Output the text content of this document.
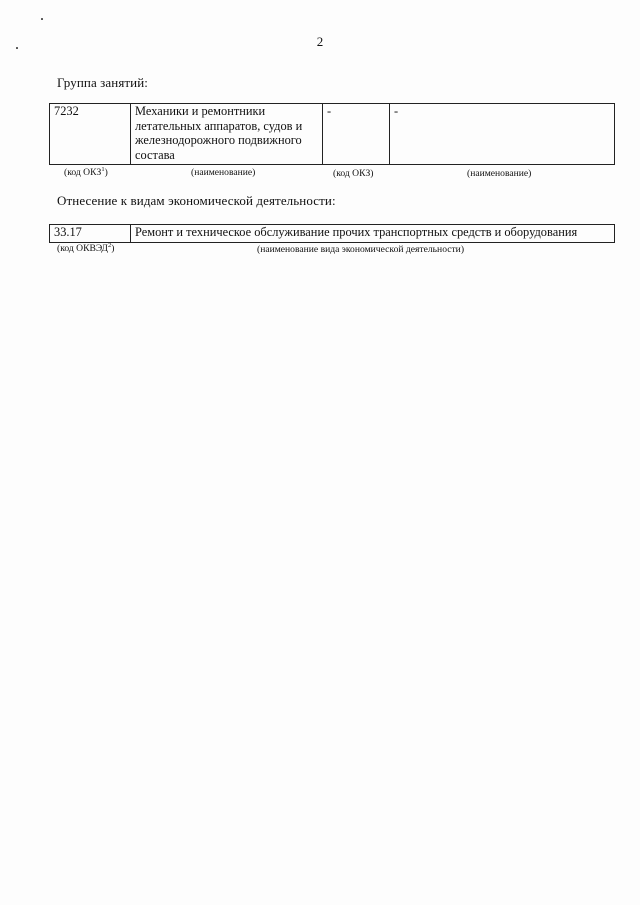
2
Группа занятий:
7232	Механики и ремонтники летательных аппаратов, судов и железнодорожного подвижного состава	-	-
(код ОКЗ$^1$)	(наименование)	(код ОКЗ)	(наименование)
Отнесение к видам экономической деятельности:
33.17	Ремонт и техническое обслуживание прочих транспортных средств и оборудования
(код ОКВЭД$^2$)	(наименование вида экономической деятельности)
